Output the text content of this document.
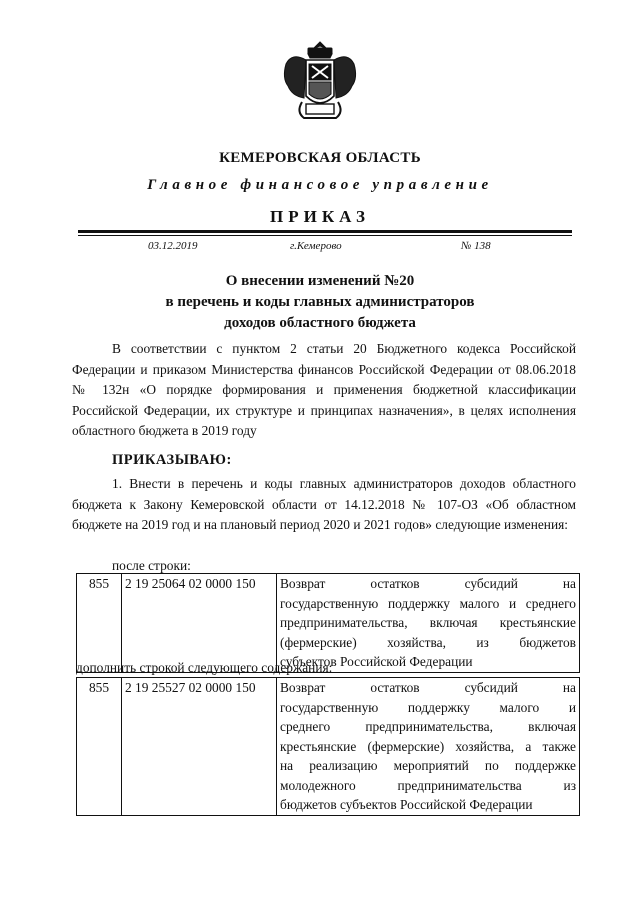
КЕМЕРОВСКАЯ ОБЛАСТЬ
Главное финансовое управление
ПРИКАЗ
03.12.2019	г.Кемерово	№ 138
О внесении изменений №20
в перечень и коды главных администраторов
доходов областного бюджета

В соответствии с пунктом 2 статьи 20 Бюджетного кодекса Российской Федерации и приказом Министерства финансов Российской Федерации от 08.06.2018 № 132н «О порядке формирования и применения бюджетной классификации Российской Федерации, их структуре и принципах назначения», в целях исполнения областного бюджета в 2019 году

ПРИКАЗЫВАЮ:

1. Внести в перечень и коды главных администраторов доходов областного бюджета к Закону Кемеровской области от 14.12.2018 № 107-ОЗ «Об областном бюджете на 2019 год и на плановый период 2020 и 2021 годов» следующие изменения:

после строки:
855	2 19 25064 02 0000 150	Возврат остатков субсидий на
государственную поддержку малого и среднего
предпринимательства, включая крестьянские
(фермерские) хозяйства, из бюджетов
субъектов Российской Федерации
дополнить строкой следующего содержания:
855	2 19 25527 02 0000 150	Возврат остатков субсидий на
государственную поддержку малого и
среднего предпринимательства, включая
крестьянские (фермерские) хозяйства, а также
на реализацию мероприятий по поддержке
молодежного предпринимательства из
бюджетов субъектов Российской Федерации
